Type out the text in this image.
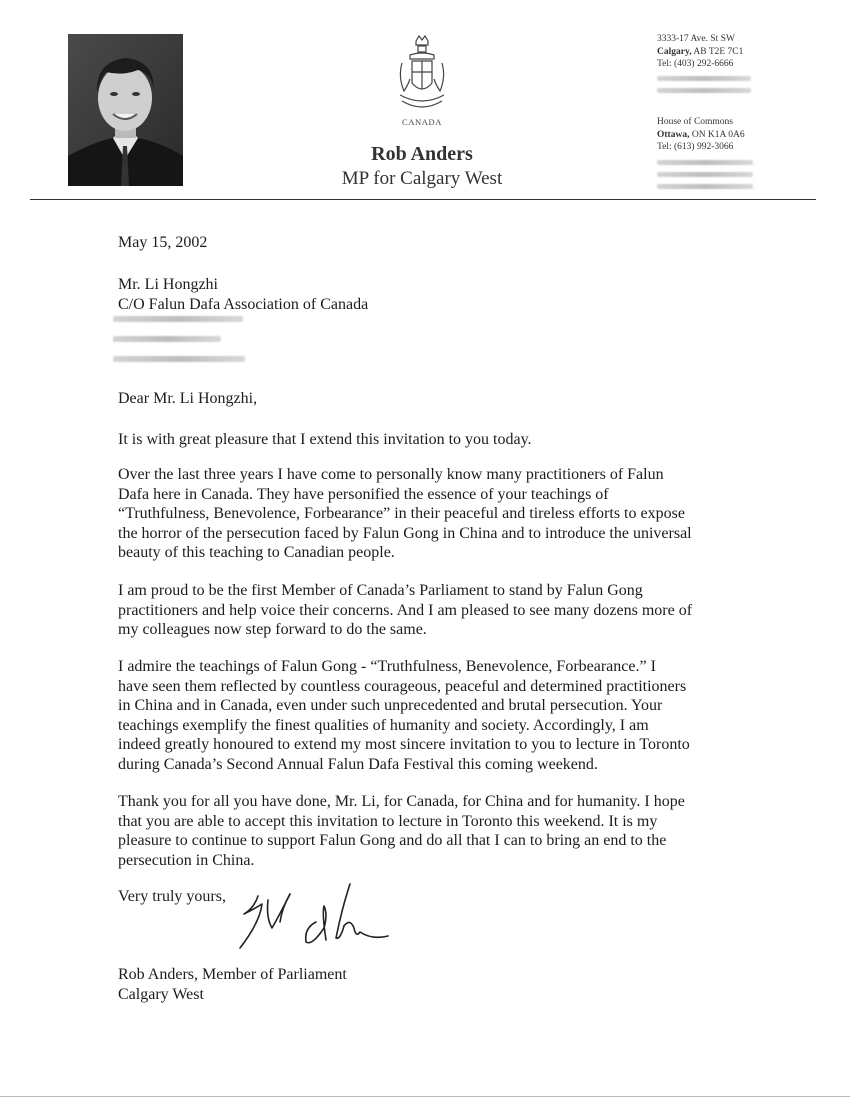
CANADA
Rob Anders
MP for Calgary West
3333-17 Ave. St SW
Calgary, AB T2E 7C1
Tel: (403) 292-6666
House of Commons
Ottawa, ON K1A 0A6
Tel: (613) 992-3066
May 15, 2002
Mr. Li Hongzhi
C/O Falun Dafa Association of Canada
Dear Mr. Li Hongzhi,
It is with great pleasure that I extend this invitation to you today.
Over the last three years I have come to personally know many practitioners of Falun
Dafa here in Canada. They have personified the essence of your teachings of
“Truthfulness, Benevolence, Forbearance” in their peaceful and tireless efforts to expose
the horror of the persecution faced by Falun Gong in China and to introduce the universal
beauty of this teaching to Canadian people.
I am proud to be the first Member of Canada’s Parliament to stand by Falun Gong
practitioners and help voice their concerns. And I am pleased to see many dozens more of
my colleagues now step forward to do the same.
I admire the teachings of Falun Gong - “Truthfulness, Benevolence, Forbearance.” I
have seen them reflected by countless courageous, peaceful and determined practitioners
in China and in Canada, even under such unprecedented and brutal persecution. Your
teachings exemplify the finest qualities of humanity and society. Accordingly, I am
indeed greatly honoured to extend my most sincere invitation to you to lecture in Toronto
during Canada’s Second Annual Falun Dafa Festival this coming weekend.
Thank you for all you have done, Mr. Li, for Canada, for China and for humanity. I hope
that you are able to accept this invitation to lecture in Toronto this weekend. It is my
pleasure to continue to support Falun Gong and do all that I can to bring an end to the
persecution in China.
Very truly yours,
Rob Anders, Member of Parliament
Calgary West
